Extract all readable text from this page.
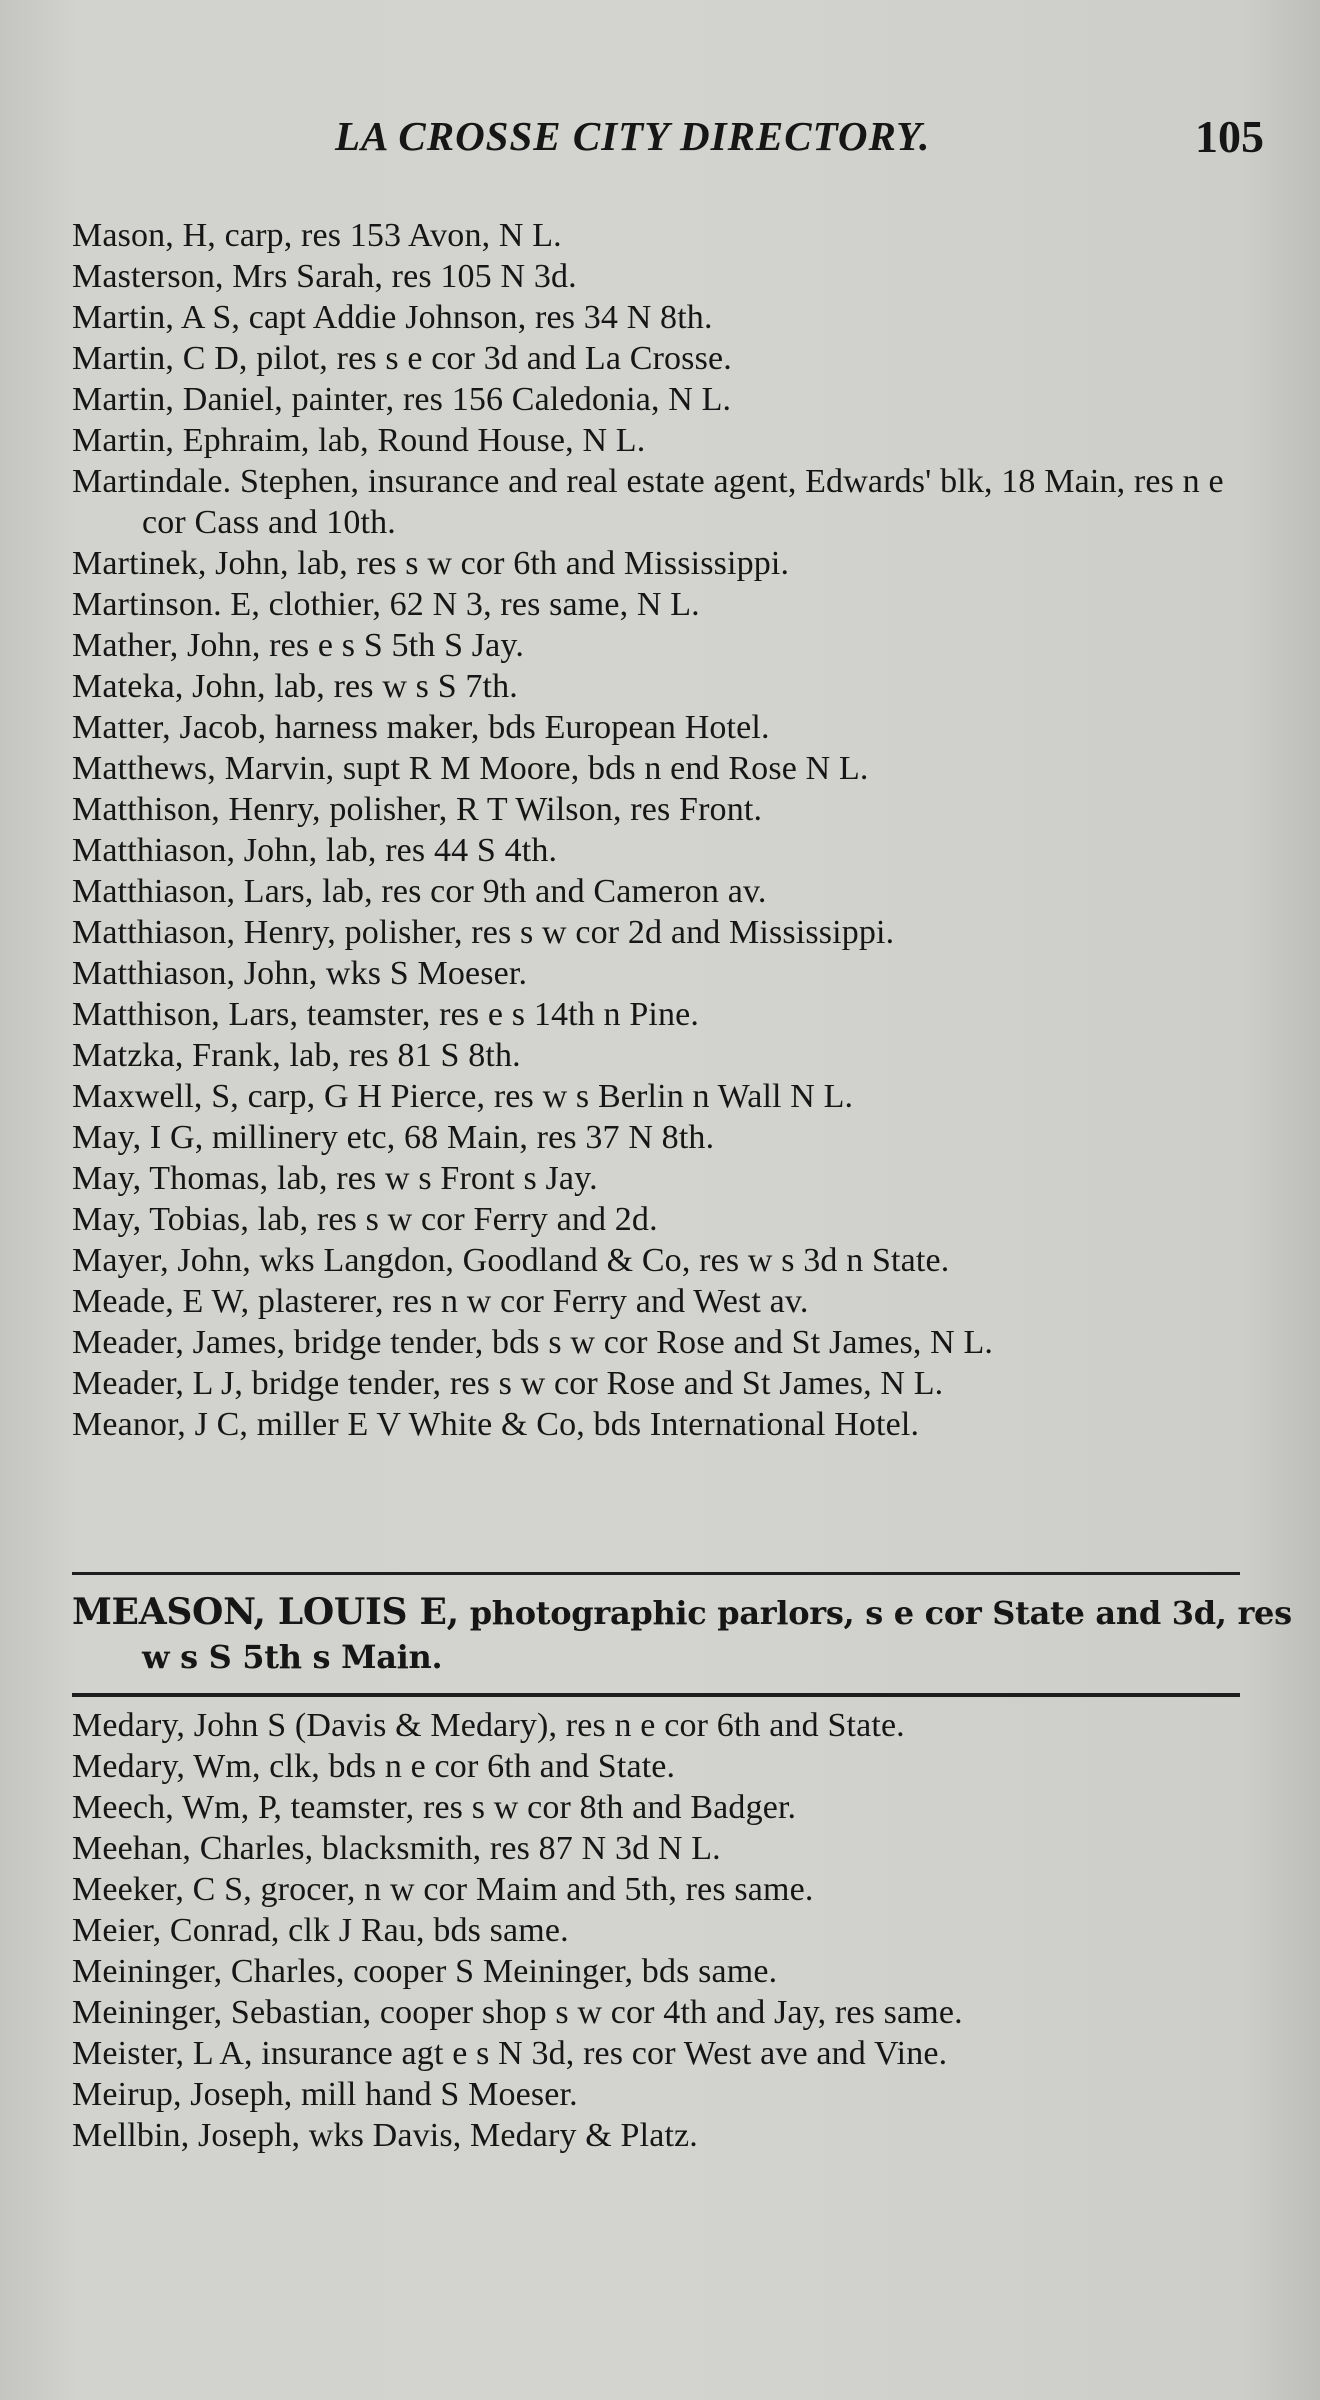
LA CROSSE CITY DIRECTORY.	105
Mason, H, carp, res 153 Avon, N L.
Masterson, Mrs Sarah, res 105 N 3d.
Martin, A S, capt Addie Johnson, res 34 N 8th.
Martin, C D, pilot, res s e cor 3d and La Crosse.
Martin, Daniel, painter, res 156 Caledonia, N L.
Martin, Ephraim, lab, Round House, N L.
Martindale. Stephen, insurance and real estate agent, Edwards' blk, 18 Main, res n e cor Cass and 10th.
Martinek, John, lab, res s w cor 6th and Mississippi.
Martinson. E, clothier, 62 N 3, res same, N L.
Mather, John, res e s S 5th S Jay.
Mateka, John, lab, res w s S 7th.
Matter, Jacob, harness maker, bds European Hotel.
Matthews, Marvin, supt R M Moore, bds n end Rose N L.
Matthison, Henry, polisher, R T Wilson, res Front.
Matthiason, John, lab, res 44 S 4th.
Matthiason, Lars, lab, res cor 9th and Cameron av.
Matthiason, Henry, polisher, res s w cor 2d and Mississippi.
Matthiason, John, wks S Moeser.
Matthison, Lars, teamster, res e s 14th n Pine.
Matzka, Frank, lab, res 81 S 8th.
Maxwell, S, carp, G H Pierce, res w s Berlin n Wall N L.
May, I G, millinery etc, 68 Main, res 37 N 8th.
May, Thomas, lab, res w s Front s Jay.
May, Tobias, lab, res s w cor Ferry and 2d.
Mayer, John, wks Langdon, Goodland & Co, res w s 3d n State.
Meade, E W, plasterer, res n w cor Ferry and West av.
Meader, James, bridge tender, bds s w cor Rose and St James, N L.
Meader, L J, bridge tender, res s w cor Rose and St James, N L.
Meanor, J C, miller E V White & Co, bds International Hotel.
MEASON, LOUIS E, photographic parlors, s e cor State and 3d, res w s S 5th s Main.
Medary, John S (Davis & Medary), res n e cor 6th and State.
Medary, Wm, clk, bds n e cor 6th and State.
Meech, Wm, P, teamster, res s w cor 8th and Badger.
Meehan, Charles, blacksmith, res 87 N 3d N L.
Meeker, C S, grocer, n w cor Maim and 5th, res same.
Meier, Conrad, clk J Rau, bds same.
Meininger, Charles, cooper S Meininger, bds same.
Meininger, Sebastian, cooper shop s w cor 4th and Jay, res same.
Meister, L A, insurance agt e s N 3d, res cor West ave and Vine.
Meirup, Joseph, mill hand S Moeser.
Mellbin, Joseph, wks Davis, Medary & Platz.
